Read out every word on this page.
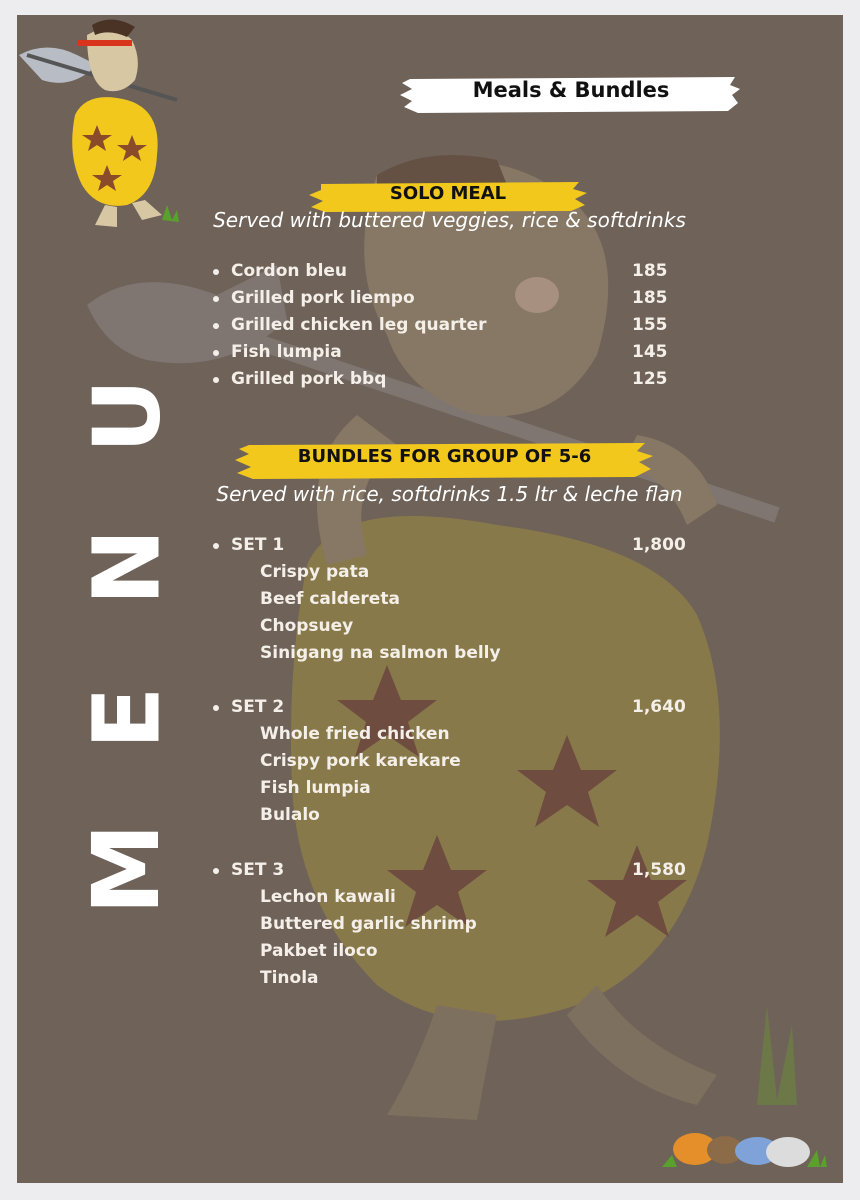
Meals & Bundles
SOLO MEAL
Served with buttered veggies, rice & softdrinks
Cordon bleu	185
Grilled pork liempo	185
Grilled chicken leg quarter	155
Fish lumpia	145
Grilled pork bbq	125
BUNDLES FOR GROUP OF 5-6
Served with rice, softdrinks 1.5 ltr & leche flan
SET 1	1,800
Crispy pata
Beef caldereta
Chopsuey
Sinigang na salmon belly
SET 2	1,640
Whole fried chicken
Crispy pork karekare
Fish lumpia
Bulalo
SET 3	1,580
Lechon kawali
Buttered garlic shrimp
Pakbet iloco
Tinola
U
N
E
M
